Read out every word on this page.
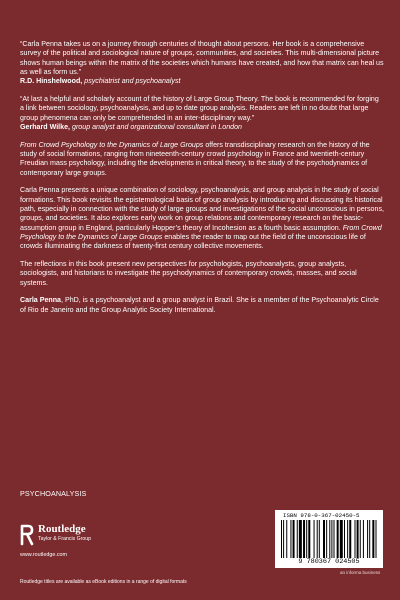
“Carla Penna takes us on a journey through centuries of thought about persons. Her book is a comprehensive survey of the political and sociological nature of groups, communities, and societies. This multi-dimensional picture shows human beings within the matrix of the societies which humans have created, and how that matrix can heal us as well as form us.”

R.D. Hinshelwood, psychiatrist and psychoanalyst

“At last a helpful and scholarly account of the history of Large Group Theory. The book is recommended for forging a link between sociology, psychoanalysis, and up to date group analysis. Readers are left in no doubt that large group phenomena can only be comprehended in an inter-disciplinary way.”

Gerhard Wilke, group analyst and organizational consultant in London

From Crowd Psychology to the Dynamics of Large Groups offers transdisciplinary research on the history of the study of social formations, ranging from nineteenth-century crowd psychology in France and twentieth-century Freudian mass psychology, including the developments in critical theory, to the study of the psychodynamics of contemporary large groups.

Carla Penna presents a unique combination of sociology, psychoanalysis, and group analysis in the study of social formations. This book revisits the epistemological basis of group analysis by introducing and discussing its historical path, especially in connection with the study of large groups and investigations of the social unconscious in persons, groups, and societies. It also explores early work on group relations and contemporary research on the basic-assumption group in England, particularly Hopper’s theory of Incohesion as a fourth basic assumption. From Crowd Psychology to the Dynamics of Large Groups enables the reader to map out the field of the unconscious life of crowds illuminating the darkness of twenty-first century collective movements.

The reflections in this book present new perspectives for psychologists, psychoanalysts, group analysts, sociologists, and historians to investigate the psychodynamics of contemporary crowds, masses, and social systems.

Carla Penna, PhD, is a psychoanalyst and a group analyst in Brazil. She is a member of the Psychoanalytic Circle of Rio de Janeiro and the Group Analytic Society International.

PSYCHOANALYSIS
Routledge
Taylor & Francis Group
www.routledge.com
Routledge titles are available as eBook editions in a range of digital formats
ISBN 978-0-367-02450-5
9 780367 024505
an informa business
